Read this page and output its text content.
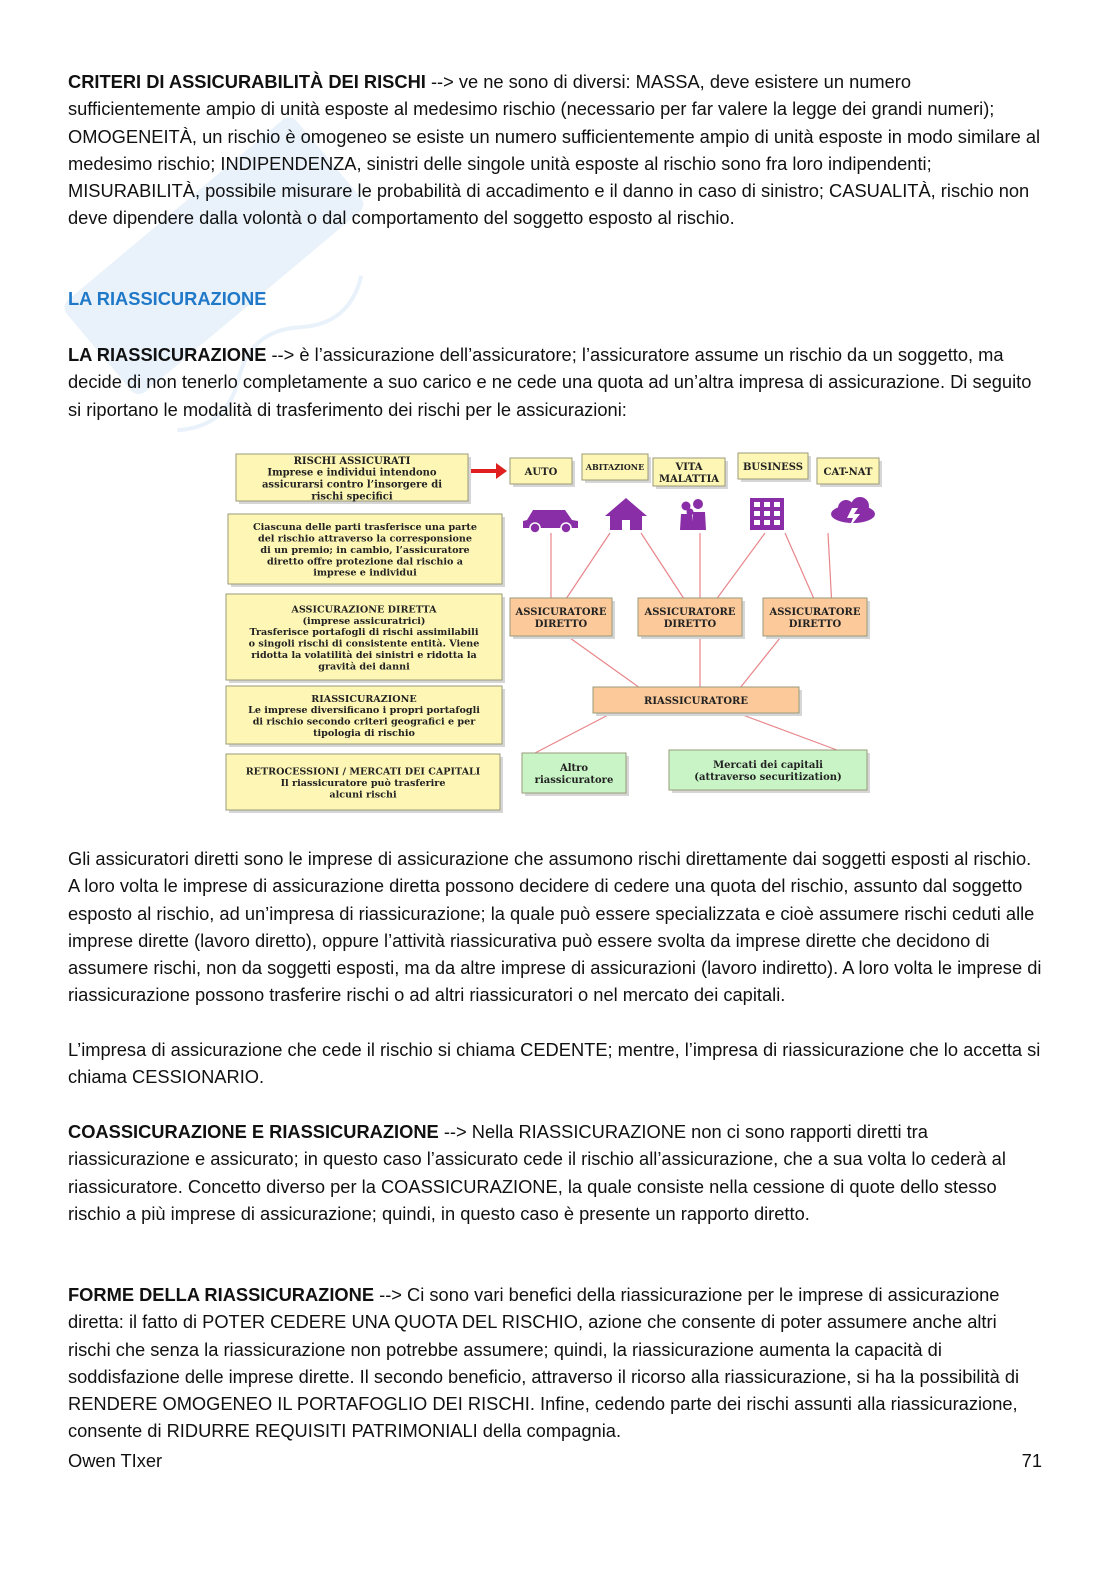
CRITERI DI ASSICURABILITÀ DEI RISCHI --> ve ne sono di diversi: MASSA, deve esistere un numero sufficientemente ampio di unità esposte al medesimo rischio (necessario per far valere la legge dei grandi numeri); OMOGENEITÀ, un rischio è omogeneo se esiste un numero sufficientemente ampio di unità esposte in modo similare al medesimo rischio; INDIPENDENZA, sinistri delle singole unità esposte al rischio sono fra loro indipendenti; MISURABILITÀ, possibile misurare le probabilità di accadimento e il danno in caso di sinistro; CASUALITÀ, rischio non deve dipendere dalla volontà o dal comportamento del soggetto esposto al rischio.

LA RIASSICURAZIONE

LA RIASSICURAZIONE --> è l’assicurazione dell’assicuratore; l’assicuratore assume un rischio da un soggetto, ma decide di non tenerlo completamente a suo carico e ne cede una quota ad un’altra impresa di assicurazione. Di seguito si riportano le modalità di trasferimento dei rischi per le assicurazioni:

RISCHI ASSICURATI
Imprese e individui intendono
assicurarsi contro l’insorgere di
rischi specifici
Ciascuna delle parti trasferisce una parte
del rischio attraverso la corresponsione
di un premio; in cambio, l’assicuratore
diretto offre protezione dal rischio a
imprese e individui
ASSICURAZIONE DIRETTA
(imprese assicuratrici)
Trasferisce portafogli di rischi assimilabili
o singoli rischi di consistente entità. Viene
ridotta la volatilità dei sinistri e ridotta la
gravità dei danni
RIASSICURAZIONE
Le imprese diversificano i propri portafogli
di rischio secondo criteri geografici e per
tipologia di rischio
RETROCESSIONI / MERCATI DEI CAPITALI
Il riassicuratore può trasferire
alcuni rischi
AUTO	ABITAZIONE	VITA
MALATTIA
BUSINESS CAT-NAT
ASSICURATORE
DIRETTO
ASSICURATORE
DIRETTO
ASSICURATORE
DIRETTO
RIASSICURATORE
Altro
riassicuratore
Mercati dei capitali
(attraverso securitization)

Gli assicuratori diretti sono le imprese di assicurazione che assumono rischi direttamente dai soggetti esposti al rischio. A loro volta le imprese di assicurazione diretta possono decidere di cedere una quota del rischio, assunto dal soggetto esposto al rischio, ad un’impresa di riassicurazione; la quale può essere specializzata e cioè assumere rischi ceduti alle imprese dirette (lavoro diretto), oppure l’attività riassicurativa può essere svolta da imprese dirette che decidono di assumere rischi, non da soggetti esposti, ma da altre imprese di assicurazioni (lavoro indiretto). A loro volta le imprese di riassicurazione possono trasferire rischi o ad altri riassicuratori o nel mercato dei capitali.

L’impresa di assicurazione che cede il rischio si chiama CEDENTE; mentre, l’impresa di riassicurazione che lo accetta si chiama CESSIONARIO.

COASSICURAZIONE E RIASSICURAZIONE --> Nella RIASSICURAZIONE non ci sono rapporti diretti tra riassicurazione e assicurato; in questo caso l’assicurato cede il rischio all’assicurazione, che a sua volta lo cederà al riassicuratore. Concetto diverso per la COASSICURAZIONE, la quale consiste nella cessione di quote dello stesso rischio a più imprese di assicurazione; quindi, in questo caso è presente un rapporto diretto.

FORME DELLA RIASSICURAZIONE --> Ci sono vari benefici della riassicurazione per le imprese di assicurazione diretta: il fatto di POTER CEDERE UNA QUOTA DEL RISCHIO, azione che consente di poter assumere anche altri rischi che senza la riassicurazione non potrebbe assumere; quindi, la riassicurazione aumenta la capacità di soddisfazione delle imprese dirette. Il secondo beneficio, attraverso il ricorso alla riassicurazione, si ha la possibilità di RENDERE OMOGENEO IL PORTAFOGLIO DEI RISCHI. Infine, cedendo parte dei rischi assunti alla riassicurazione, consente di RIDURRE REQUISITI PATRIMONIALI della compagnia.

Owen TIxer	71
